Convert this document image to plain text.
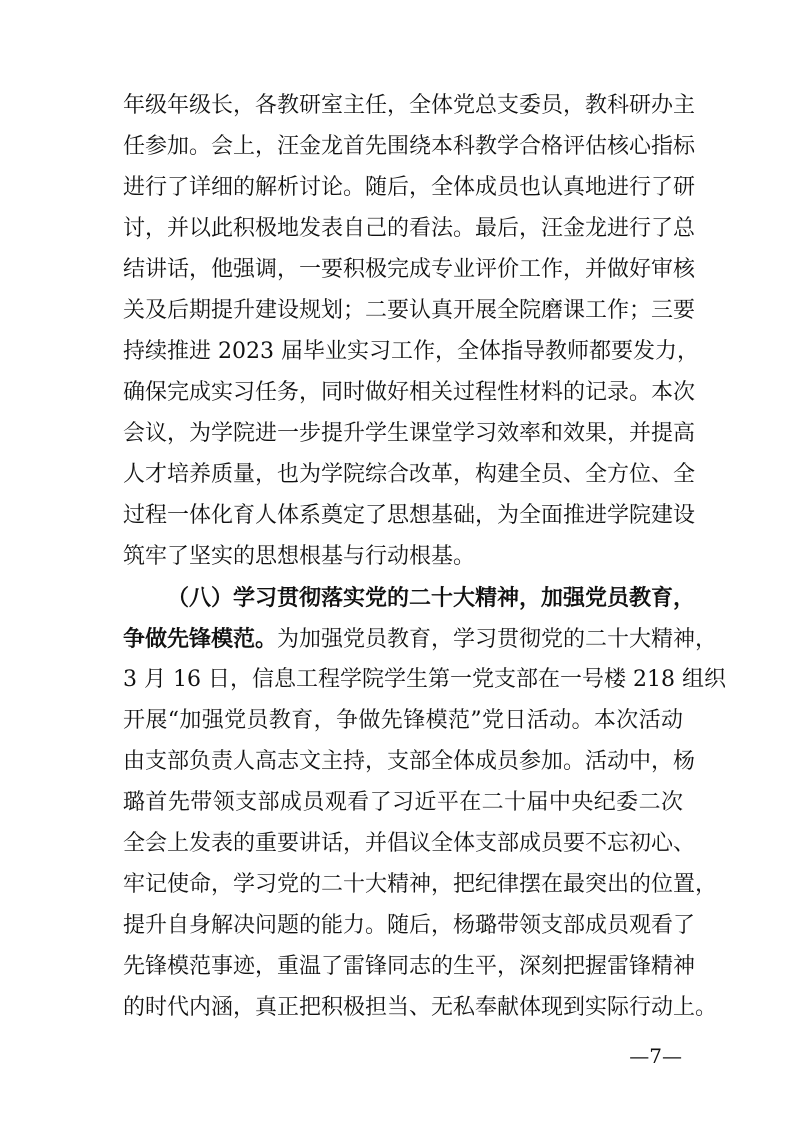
年级年级长，各教研室主任，全体党总支委员，教科研办主
任参加。会上，汪金龙首先围绕本科教学合格评估核心指标
进行了详细的解析讨论。随后，全体成员也认真地进行了研
讨，并以此积极地发表自己的看法。最后，汪金龙进行了总
结讲话，他强调，一要积极完成专业评价工作，并做好审核
关及后期提升建设规划；二要认真开展全院磨课工作；三要
持续推进 2023 届毕业实习工作，全体指导教师都要发力，
确保完成实习任务，同时做好相关过程性材料的记录。本次
会议，为学院进一步提升学生课堂学习效率和效果，并提高
人才培养质量，也为学院综合改革，构建全员、全方位、全
过程一体化育人体系奠定了思想基础，为全面推进学院建设
筑牢了坚实的思想根基与行动根基。
（八）学习贯彻落实党的二十大精神，加强党员教育，
争做先锋模范。为加强党员教育，学习贯彻党的二十大精神，
3 月 16 日，信息工程学院学生第一党支部在一号楼 218 组织
开展“加强党员教育，争做先锋模范”党日活动。本次活动
由支部负责人高志文主持，支部全体成员参加。活动中，杨
璐首先带领支部成员观看了习近平在二十届中央纪委二次
全会上发表的重要讲话，并倡议全体支部成员要不忘初心、
牢记使命，学习党的二十大精神，把纪律摆在最突出的位置，
提升自身解决问题的能力。随后，杨璐带领支部成员观看了
先锋模范事迹，重温了雷锋同志的生平，深刻把握雷锋精神
的时代内涵，真正把积极担当、无私奉献体现到实际行动上。
—7—
